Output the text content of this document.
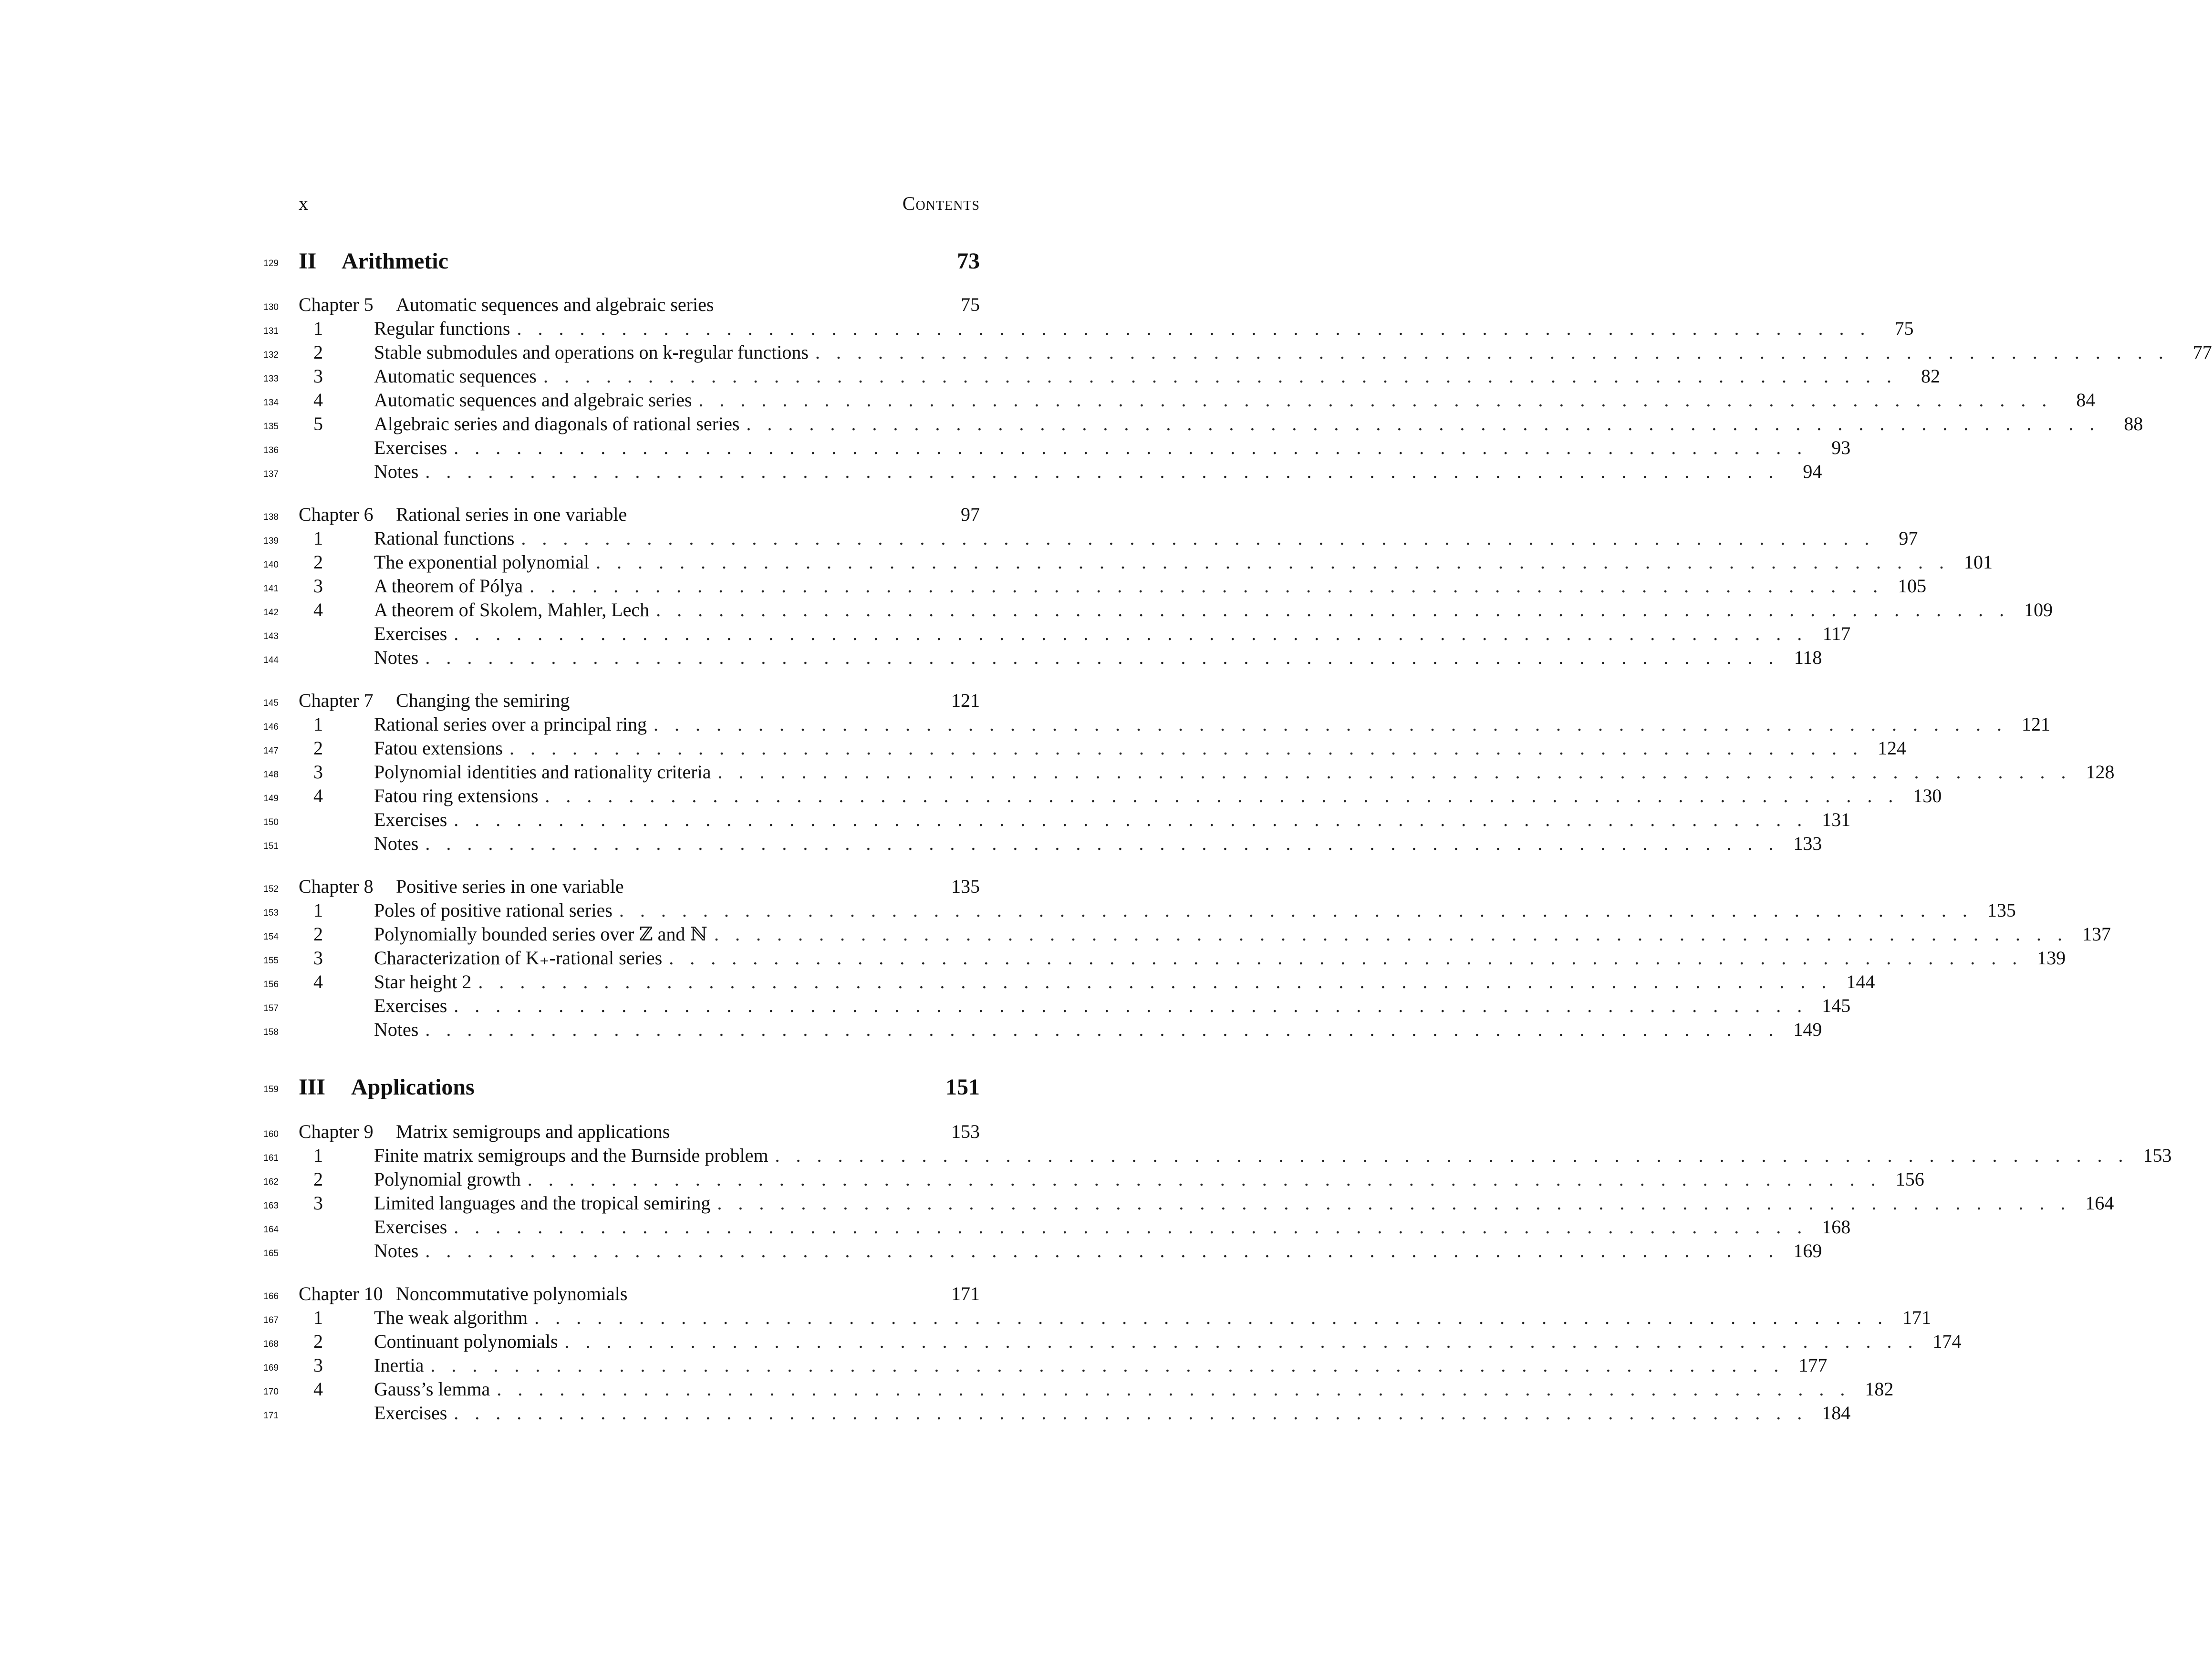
x	Contents
129 II Arithmetic	73
130 Chapter 5 Automatic sequences and algebraic series	75
131	1	Regular functions . . . . . . . . . . . . . . . . . . . . . . . . . . . . . . . . . . . . . . . . . . . . . . . . . . . . . . . . . . . . . . . . .	75
132	2	Stable submodules and operations on k-regular functions . . . . . . . . . . . . . . . . . . . . . . . . . . . . . . . . . . . . . . . . . . . . . . . . . . . . . . . . . . . . . . . . .	77
133	3	Automatic sequences . . . . . . . . . . . . . . . . . . . . . . . . . . . . . . . . . . . . . . . . . . . . . . . . . . . . . . . . . . . . . . . . .	82
134	4	Automatic sequences and algebraic series . . . . . . . . . . . . . . . . . . . . . . . . . . . . . . . . . . . . . . . . . . . . . . . . . . . . . . . . . . . . . . . . .	84
135	5	Algebraic series and diagonals of rational series . . . . . . . . . . . . . . . . . . . . . . . . . . . . . . . . . . . . . . . . . . . . . . . . . . . . . . . . . . . . . . . . .	88
136	Exercises . . . . . . . . . . . . . . . . . . . . . . . . . . . . . . . . . . . . . . . . . . . . . . . . . . . . . . . . . . . . . . . . .	93
137	Notes . . . . . . . . . . . . . . . . . . . . . . . . . . . . . . . . . . . . . . . . . . . . . . . . . . . . . . . . . . . . . . . . .	94
138 Chapter 6 Rational series in one variable	97
139	1	Rational functions . . . . . . . . . . . . . . . . . . . . . . . . . . . . . . . . . . . . . . . . . . . . . . . . . . . . . . . . . . . . . . . . .	97
140	2	The exponential polynomial . . . . . . . . . . . . . . . . . . . . . . . . . . . . . . . . . . . . . . . . . . . . . . . . . . . . . . . . . . . . . . . . . 101
141	3	A theorem of Pólya . . . . . . . . . . . . . . . . . . . . . . . . . . . . . . . . . . . . . . . . . . . . . . . . . . . . . . . . . . . . . . . . . 105
142	4	A theorem of Skolem, Mahler, Lech . . . . . . . . . . . . . . . . . . . . . . . . . . . . . . . . . . . . . . . . . . . . . . . . . . . . . . . . . . . . . . . . . 109
143	Exercises . . . . . . . . . . . . . . . . . . . . . . . . . . . . . . . . . . . . . . . . . . . . . . . . . . . . . . . . . . . . . . . . . 117
144	Notes . . . . . . . . . . . . . . . . . . . . . . . . . . . . . . . . . . . . . . . . . . . . . . . . . . . . . . . . . . . . . . . . . 118
145 Chapter 7 Changing the semiring	121
146	1	Rational series over a principal ring . . . . . . . . . . . . . . . . . . . . . . . . . . . . . . . . . . . . . . . . . . . . . . . . . . . . . . . . . . . . . . . . . 121
147	2	Fatou extensions . . . . . . . . . . . . . . . . . . . . . . . . . . . . . . . . . . . . . . . . . . . . . . . . . . . . . . . . . . . . . . . . . 124
148	3	Polynomial identities and rationality criteria . . . . . . . . . . . . . . . . . . . . . . . . . . . . . . . . . . . . . . . . . . . . . . . . . . . . . . . . . . . . . . . . . 128
149	4	Fatou ring extensions . . . . . . . . . . . . . . . . . . . . . . . . . . . . . . . . . . . . . . . . . . . . . . . . . . . . . . . . . . . . . . . . . 130
150	Exercises . . . . . . . . . . . . . . . . . . . . . . . . . . . . . . . . . . . . . . . . . . . . . . . . . . . . . . . . . . . . . . . . . 131
151	Notes . . . . . . . . . . . . . . . . . . . . . . . . . . . . . . . . . . . . . . . . . . . . . . . . . . . . . . . . . . . . . . . . . 133
152 Chapter 8 Positive series in one variable	135
153	1	Poles of positive rational series . . . . . . . . . . . . . . . . . . . . . . . . . . . . . . . . . . . . . . . . . . . . . . . . . . . . . . . . . . . . . . . . . 135
154	2	Polynomially bounded series over ℤ and ℕ . . . . . . . . . . . . . . . . . . . . . . . . . . . . . . . . . . . . . . . . . . . . . . . . . . . . . . . . . . . . . . . . . 137
155	3	Characterization of K₊-rational series . . . . . . . . . . . . . . . . . . . . . . . . . . . . . . . . . . . . . . . . . . . . . . . . . . . . . . . . . . . . . . . . . 139
156	4	Star height 2 . . . . . . . . . . . . . . . . . . . . . . . . . . . . . . . . . . . . . . . . . . . . . . . . . . . . . . . . . . . . . . . . . 144
157	Exercises . . . . . . . . . . . . . . . . . . . . . . . . . . . . . . . . . . . . . . . . . . . . . . . . . . . . . . . . . . . . . . . . . 145
158	Notes . . . . . . . . . . . . . . . . . . . . . . . . . . . . . . . . . . . . . . . . . . . . . . . . . . . . . . . . . . . . . . . . . 149
159 III Applications	151
160 Chapter 9 Matrix semigroups and applications	153
161	1	Finite matrix semigroups and the Burnside problem . . . . . . . . . . . . . . . . . . . . . . . . . . . . . . . . . . . . . . . . . . . . . . . . . . . . . . . . . . . . . . . . . 153
162	2	Polynomial growth . . . . . . . . . . . . . . . . . . . . . . . . . . . . . . . . . . . . . . . . . . . . . . . . . . . . . . . . . . . . . . . . . 156
163	3	Limited languages and the tropical semiring . . . . . . . . . . . . . . . . . . . . . . . . . . . . . . . . . . . . . . . . . . . . . . . . . . . . . . . . . . . . . . . . . 164
164	Exercises . . . . . . . . . . . . . . . . . . . . . . . . . . . . . . . . . . . . . . . . . . . . . . . . . . . . . . . . . . . . . . . . . 168
165	Notes . . . . . . . . . . . . . . . . . . . . . . . . . . . . . . . . . . . . . . . . . . . . . . . . . . . . . . . . . . . . . . . . . 169
166 Chapter 10 Noncommutative polynomials	171
167	1	The weak algorithm . . . . . . . . . . . . . . . . . . . . . . . . . . . . . . . . . . . . . . . . . . . . . . . . . . . . . . . . . . . . . . . . . 171
168	2	Continuant polynomials . . . . . . . . . . . . . . . . . . . . . . . . . . . . . . . . . . . . . . . . . . . . . . . . . . . . . . . . . . . . . . . . . 174
169	3	Inertia . . . . . . . . . . . . . . . . . . . . . . . . . . . . . . . . . . . . . . . . . . . . . . . . . . . . . . . . . . . . . . . . . 177
170	4	Gauss’s lemma . . . . . . . . . . . . . . . . . . . . . . . . . . . . . . . . . . . . . . . . . . . . . . . . . . . . . . . . . . . . . . . . . 182
171	Exercises . . . . . . . . . . . . . . . . . . . . . . . . . . . . . . . . . . . . . . . . . . . . . . . . . . . . . . . . . . . . . . . . . 184
